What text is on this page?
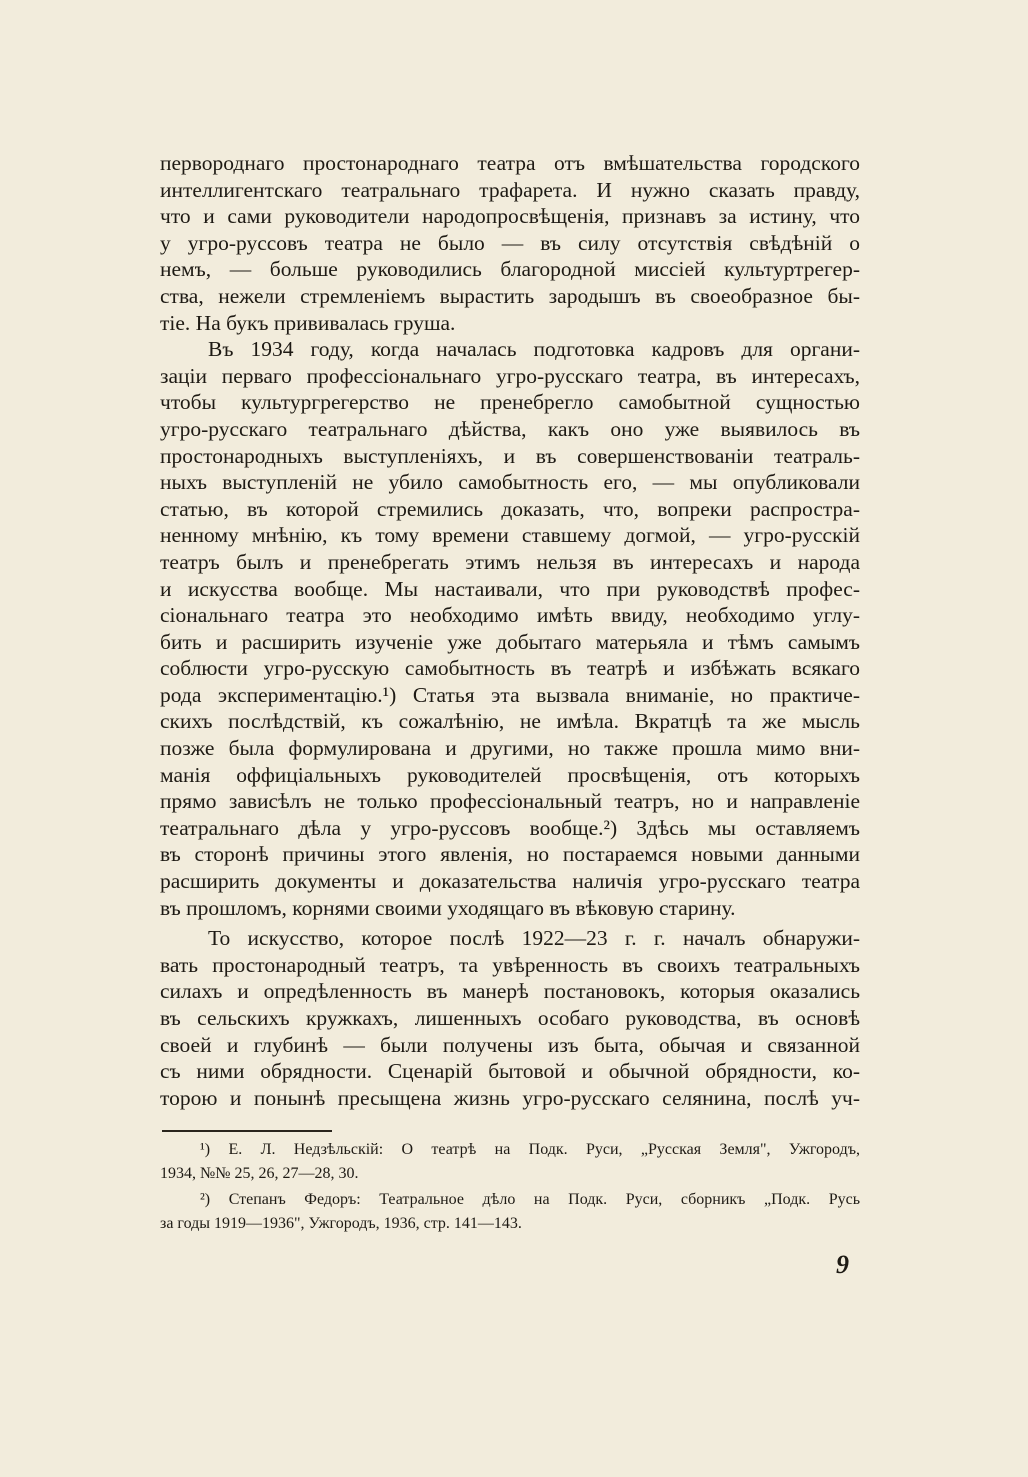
первороднаго простонароднаго театра отъ вмѣшательства городского
интеллигентскаго театральнаго трафарета. И нужно сказать правду,
что и сами руководители народопросвѣщенія, признавъ за истину, что
у угро-руссовъ театра не было — въ силу отсутствія свѣдѣній о
немъ, — больше руководились благородной миссіей культуртрегер-
ства, нежели стремленіемъ вырастить зародышъ въ своеобразное бы-
тіе. На букъ прививалась груша.
Въ 1934 году, когда началась подготовка кадровъ для органи-
заціи перваго профессіональнаго угро-русскаго театра, въ интересахъ,
чтобы культургрегерство не пренебрегло самобытной сущностью
угро-русскаго театральнаго дѣйства, какъ оно уже выявилось въ
простонародныхъ выступленіяхъ, и въ совершенствованіи театраль-
ныхъ выступленій не убило самобытность его, — мы опубликовали
статью, въ которой стремились доказать, что, вопреки распростра-
ненному мнѣнію, къ тому времени ставшему догмой, — угро-русскій
театръ былъ и пренебрегать этимъ нельзя въ интересахъ и народа
и искусства вообще. Мы настаивали, что при руководствѣ профес-
сіональнаго театра это необходимо имѣть ввиду, необходимо углу-
бить и расширить изученіе уже добытаго матерьяла и тѣмъ самымъ
соблюсти угро-русскую самобытность въ театрѣ и избѣжать всякаго
рода экспериментацію.¹) Статья эта вызвала вниманіе, но практиче-
скихъ послѣдствій, къ сожалѣнію, не имѣла. Вкратцѣ та же мысль
позже была формулирована и другими, но также прошла мимо вни-
манія оффиціальныхъ руководителей просвѣщенія, отъ которыхъ
прямо зависѣлъ не только профессіональный театръ, но и направленіе
театральнаго дѣла у угро-руссовъ вообще.²) Здѣсь мы оставляемъ
въ сторонѣ причины этого явленія, но постараемся новыми данными
расширить документы и доказательства наличія угро-русскаго театра
въ прошломъ, корнями своими уходящаго въ вѣковую старину.
То искусство, которое послѣ 1922—23 г. г. началъ обнаружи-
вать простонародный театръ, та увѣренность въ своихъ театральныхъ
силахъ и опредѣленность въ манерѣ постановокъ, которыя оказались
въ сельскихъ кружкахъ, лишенныхъ особаго руководства, въ основѣ
своей и глубинѣ — были получены изъ быта, обычая и связанной
съ ними обрядности. Сценарій бытовой и обычной обрядности, ко-
торою и понынѣ пресыщена жизнь угро-русскаго селянина, послѣ уч-
¹) Е. Л. Недзѣльскій: О театрѣ на Подк. Руси, „Русская Земля", Ужгородъ,
1934, №№ 25, 26, 27—28, 30.
²) Степанъ Федоръ: Театральное дѣло на Подк. Руси, сборникъ „Подк. Русь
за годы 1919—1936", Ужгородъ, 1936, стр. 141—143.
9
